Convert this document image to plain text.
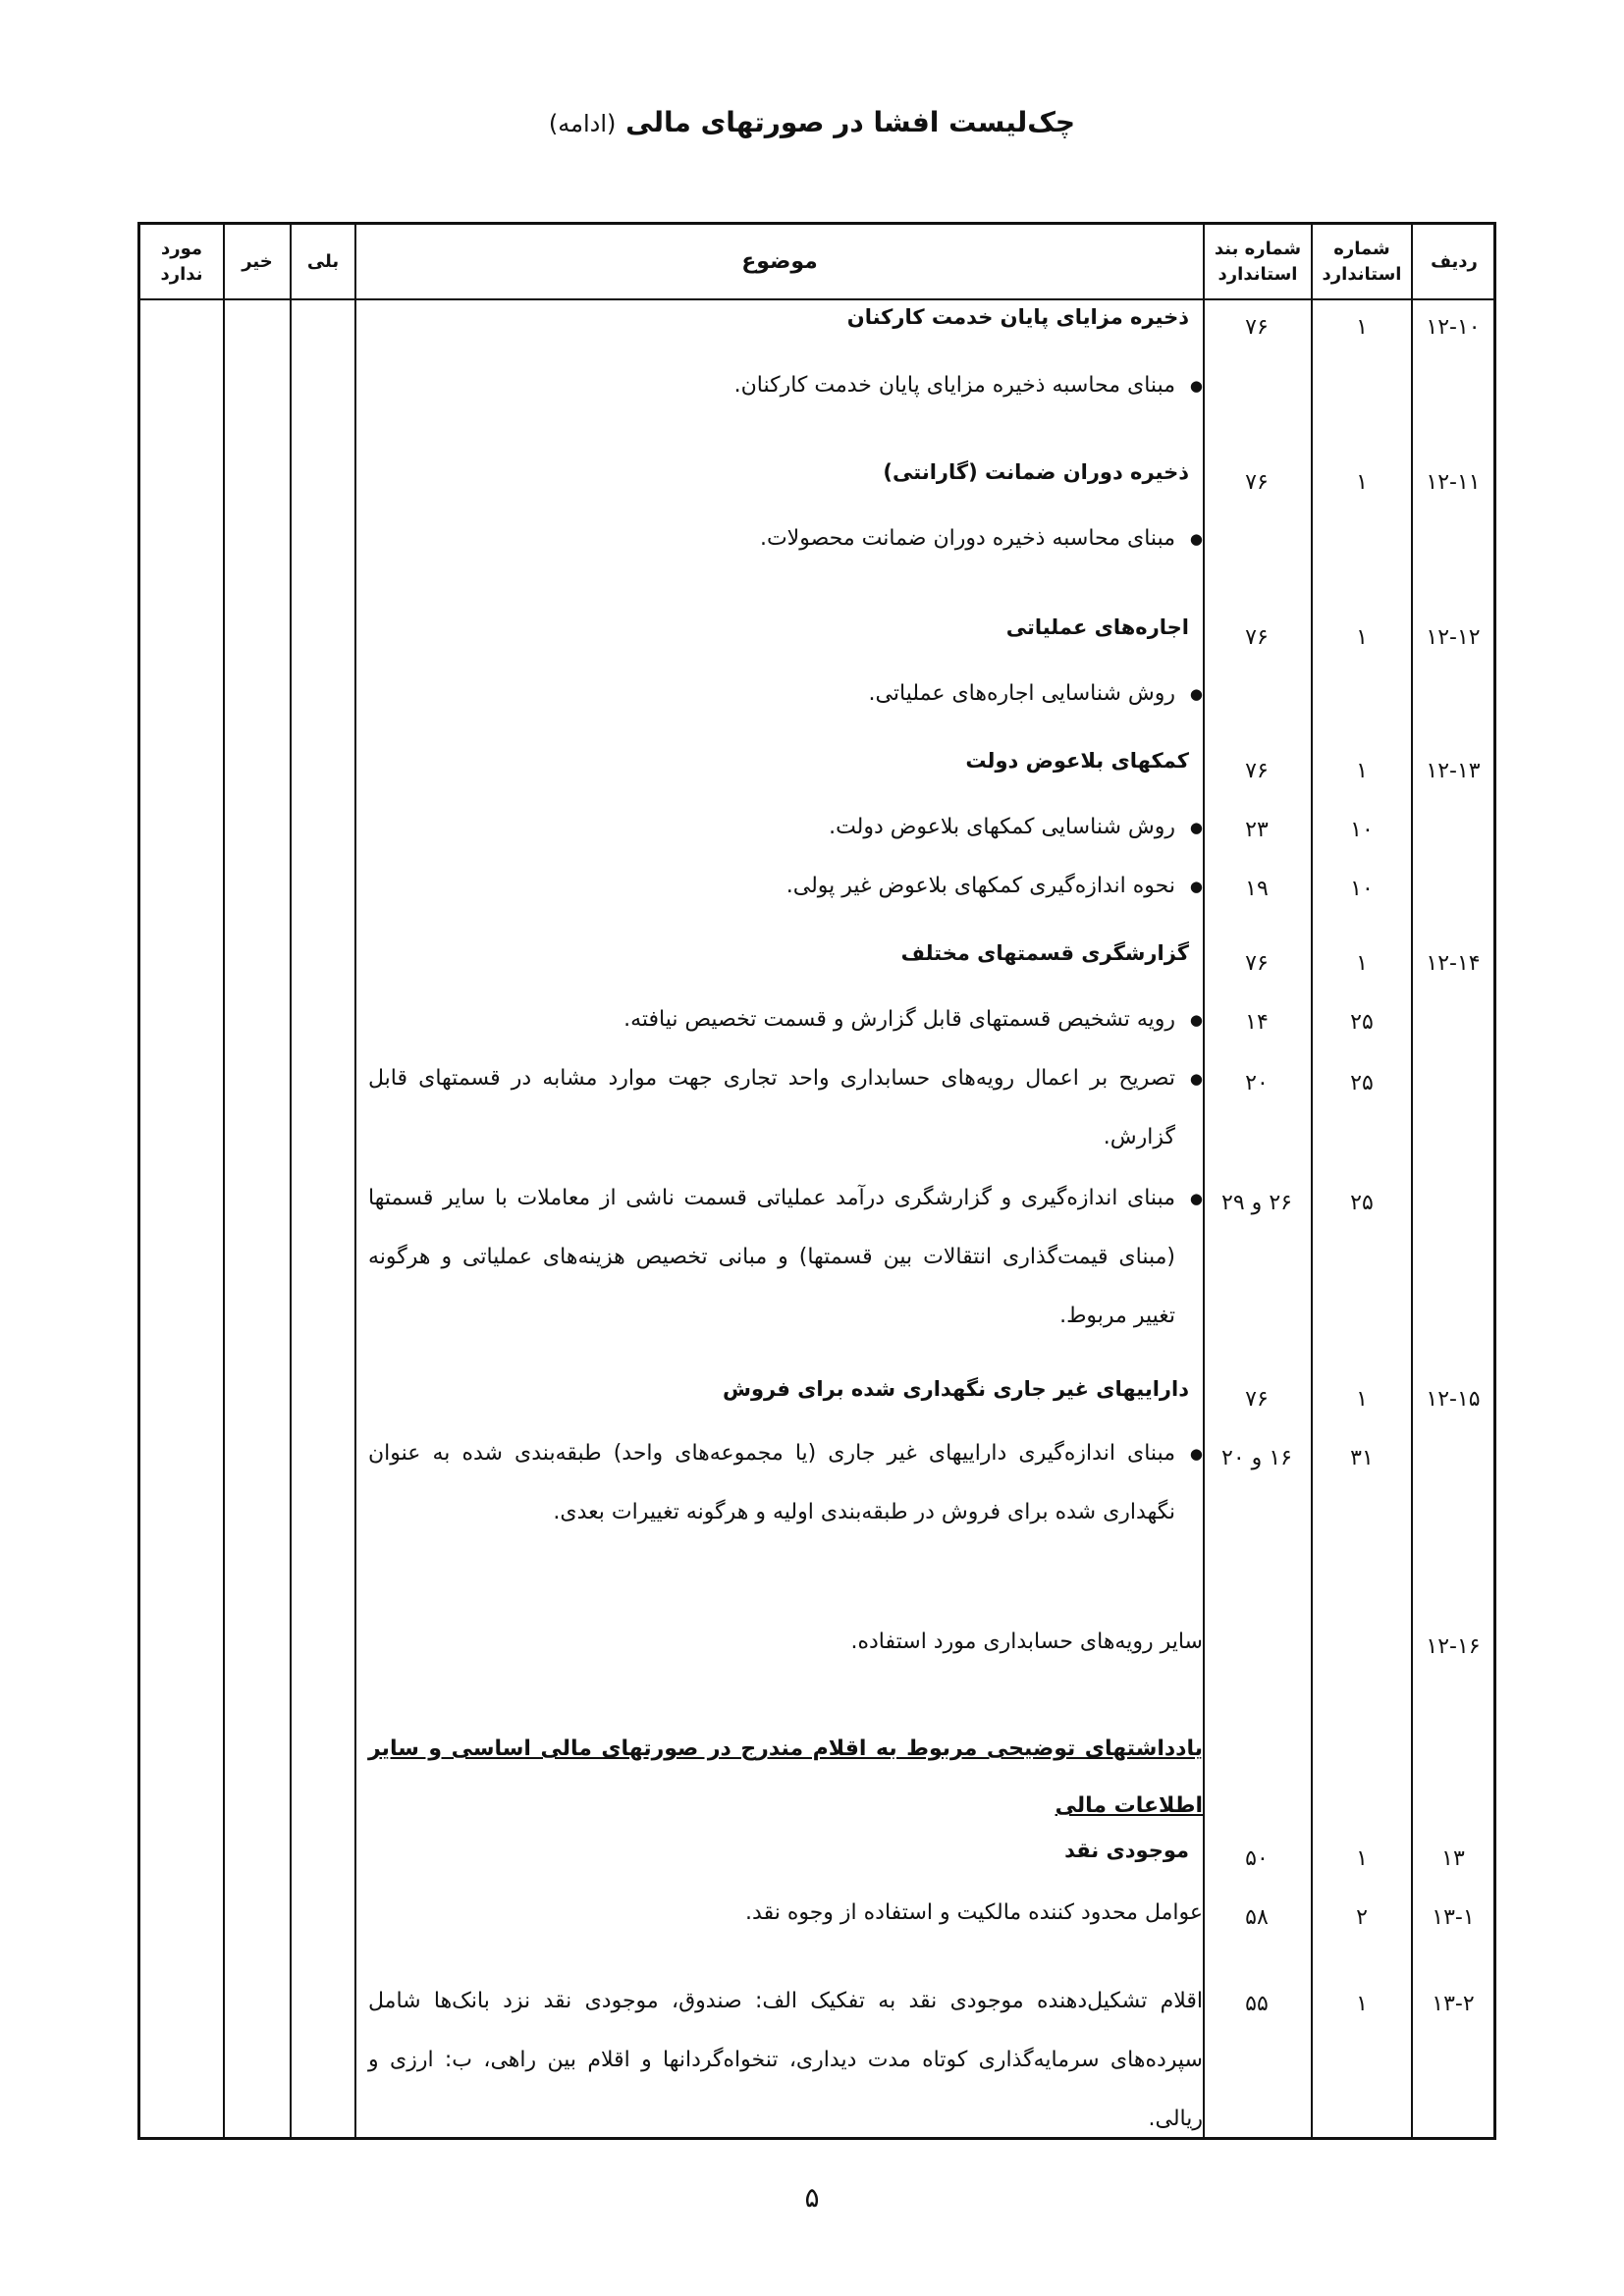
چک‌لیست افشا در صورتهای مالی (ادامه)
مورد ندارد
خیر	بلی	موضوع
شماره بند استاندارد
شماره استاندارد
ردیف
۱۲-۱۰
۱
۷۶
ذخیره مزایای پایان خدمت کارکنان
● مبنای محاسبه ذخیره مزایای پایان خدمت کارکنان.
۱۲-۱۱
۱
۷۶
ذخیره دوران ضمانت (گارانتی)
● مبنای محاسبه ذخیره دوران ضمانت محصولات.
۱۲-۱۲
۱
۷۶
اجاره‌های عملیاتی
● روش شناسایی اجاره‌های عملیاتی.
۱۲-۱۳
۱
۷۶
کمکهای بلاعوض دولت
۱۰
۲۳
● روش شناسایی کمکهای بلاعوض دولت.
۱۰
۱۹
● نحوه اندازه‌گیری کمکهای بلاعوض غیر پولی.
۱۲-۱۴
۱
۷۶
گزارشگری قسمتهای مختلف
۲۵
۱۴
● رویه تشخیص قسمتهای قابل گزارش و قسمت تخصیص نیافته.
۲۵
۲۰
● تصریح بر اعمال رویه‌های حسابداری واحد تجاری جهت موارد مشابه در قسمتهای قابل گزارش.
۲۵
۲۶ و ۲۹
● مبنای اندازه‌گیری و گزارشگری درآمد عملیاتی قسمت ناشی از معاملات با سایر قسمتها (مبنای قیمت‌گذاری انتقالات بین قسمتها) و مبانی تخصیص هزینه‌های عملیاتی و هرگونه تغییر مربوط.
۱۲-۱۵
۱
۷۶
داراییهای غیر جاری نگهداری شده برای فروش
۳۱
۱۶ و ۲۰
● مبنای اندازه‌گیری داراییهای غیر جاری (یا مجموعه‌های واحد) طبقه‌بندی شده به عنوان نگهداری شده برای فروش در طبقه‌بندی اولیه و هرگونه تغییرات بعدی.
۱۲-۱۶
سایر رویه‌های حسابداری مورد استفاده.
یادداشتهای توضیحی مربوط به اقلام مندرج در صورتهای مالی اساسی و سایر اطلاعات مالی
۱۳
۱
۵۰
موجودی نقد
۱۳-۱
۲
۵۸
عوامل محدود کننده مالکیت و استفاده از وجوه نقد.
۱۳-۲
۱
۵۵
اقلام تشکیل‌دهنده موجودی نقد به تفکیک الف: صندوق، موجودی نقد نزد بانک‌ها شامل سپرده‌های سرمایه‌گذاری کوتاه مدت دیداری، تنخواه‌گردانها و اقلام بین راهی، ب: ارزی و ریالی.
۵
